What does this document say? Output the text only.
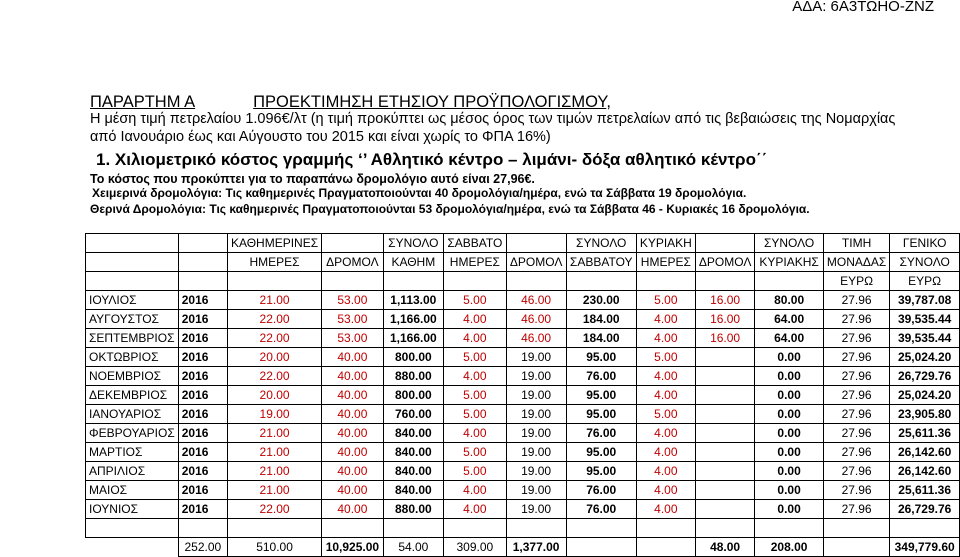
ΑΔΑ: 6Α3ΤΩΗΟ-ΖΝΖ
ΠΑΡΑΡΤΗΜ Α	ΠΡΟΕΚΤΙΜΗΣΗ ΕΤΗΣΙΟΥ ΠΡΟΫΠΟΛΟΓΙΣΜΟΥ,
Η μέση τιμή πετρελαίου 1.096€/λτ (η τιμή προκύπτει ως μέσος όρος των τιμών πετρελαίων από τις βεβαιώσεις της Νομαρχίας
από Ιανουάριο έως και Αύγουστο του 2015 και είναι χωρίς το ΦΠΑ 16%)
1. Χιλιομετρικό κόστος γραμμής ‘’ Αθλητικό κέντρο – λιμάνι- δόξα αθλητικό κέντρο΄΄
Το κόστος που προκύπτει για το παραπάνω δρομολόγιο αυτό είναι 27,96€.
Χειμερινά δρομολόγια: Τις καθημερινές Πραγματοποιούνται 40 δρομολόγια/ημέρα, ενώ τα Σάββατα 19 δρομολόγια.
Θερινά Δρομολόγια: Τις καθημερινές Πραγματοποιούνται 53 δρομολόγια/ημέρα, ενώ τα Σάββατα 46 - Κυριακές 16 δρομολόγια.
		ΚΑΘΗΜΕΡΙΝΕΣ		ΣΥΝΟΛΟ	ΣΑΒΒΑΤΟ		ΣΥΝΟΛΟ	ΚΥΡΙΑΚΗ		ΣΥΝΟΛΟ	ΤΙΜΗ	ΓΕΝΙΚΟ
		ΗΜΕΡΕΣ	ΔΡΟΜΟΛ	ΚΑΘΗΜ	ΗΜΕΡΕΣ	ΔΡΟΜΟΛ	ΣΑΒΒΑΤΟΥ	ΗΜΕΡΕΣ	ΔΡΟΜΟΛ	ΚΥΡΙΑΚΗΣ	ΜΟΝΑΔΑΣ	ΣΥΝΟΛΟ
											ΕΥΡΩ	ΕΥΡΩ
ΙΟΥΛΙΟΣ	2016	21.00	53.00	1,113.00	5.00	46.00	230.00	5.00	16.00	80.00	27.96	39,787.08
ΑΥΓΟΥΣΤΟΣ	2016	22.00	53.00	1,166.00	4.00	46.00	184.00	4.00	16.00	64.00	27.96	39,535.44
ΣΕΠΤΕΜΒΡΙΟΣ	2016	22.00	53.00	1,166.00	4.00	46.00	184.00	4.00	16.00	64.00	27.96	39,535.44
ΟΚΤΩΒΡΙΟΣ	2016	20.00	40.00	800.00	5.00	19.00	95.00	5.00		0.00	27.96	25,024.20
ΝΟΕΜΒΡΙΟΣ	2016	22.00	40.00	880.00	4.00	19.00	76.00	4.00		0.00	27.96	26,729.76
ΔΕΚΕΜΒΡΙΟΣ	2016	20.00	40.00	800.00	5.00	19.00	95.00	4.00		0.00	27.96	25,024.20
ΙΑΝΟΥΑΡΙΟΣ	2016	19.00	40.00	760.00	5.00	19.00	95.00	5.00		0.00	27.96	23,905.80
ΦΕΒΡΟΥΑΡΙΟΣ	2016	21.00	40.00	840.00	4.00	19.00	76.00	4.00		0.00	27.96	25,611.36
ΜΑΡΤΙΟΣ	2016	21.00	40.00	840.00	5.00	19.00	95.00	4.00		0.00	27.96	26,142.60
ΑΠΡΙΛΙΟΣ	2016	21.00	40.00	840.00	5.00	19.00	95.00	4.00		0.00	27.96	26,142.60
ΜΑΙΟΣ	2016	21.00	40.00	840.00	4.00	19.00	76.00	4.00		0.00	27.96	25,611.36
ΙΟΥΝΙΟΣ	2016	22.00	40.00	880.00	4.00	19.00	76.00	4.00		0.00	27.96	26,729.76

	252.00	510.00	10,925.00	54.00	309.00	1,377.00			48.00	208.00		349,779.60
